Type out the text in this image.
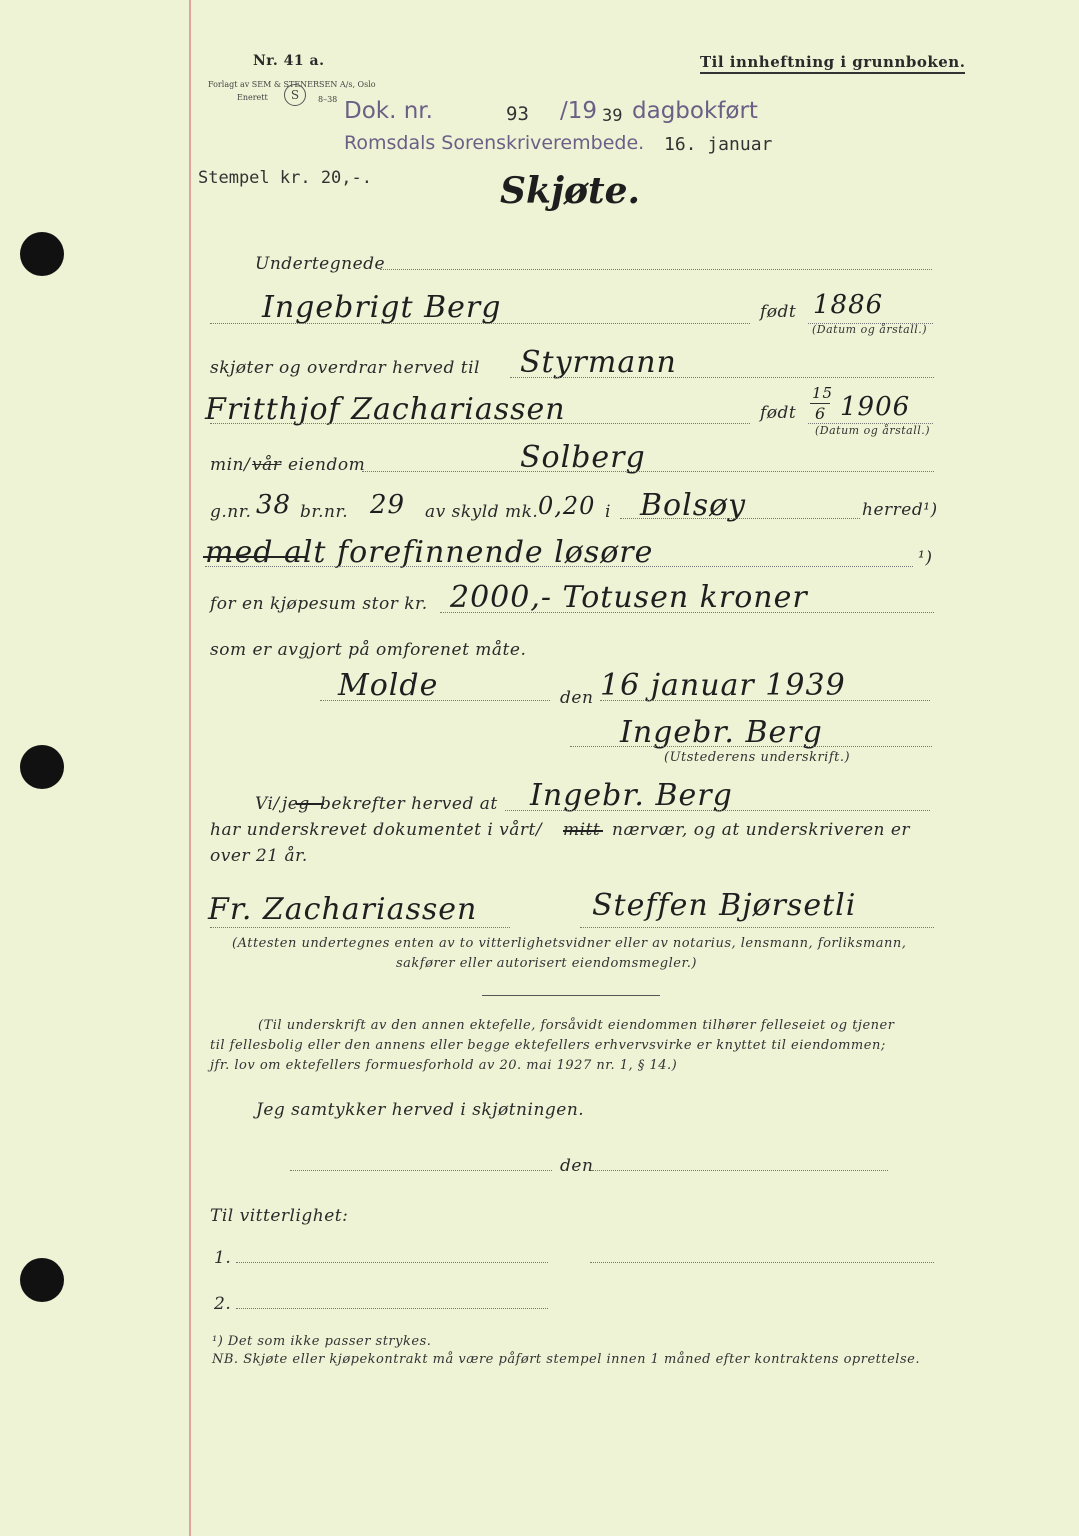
Nr. 41 a.
Forlagt av SEM & STENERSEN A/s, Oslo
Enerett	S	8–38
Til innheftning i grunnboken.
Dok. nr.	93 /19 39 dagbokført
Romsdals Sorenskriverembede. 16. januar
Stempel kr. 20,-.	Skjøte.
Undertegnede
Ingebrigt Berg	født 1886
(Datum og årstall.)
skjøter og overdrar herved til Styrmann
Fritthjof Zachariassen	født
15
6 1906
(Datum og årstall.)
min/ vår eiendom	Solberg
g.nr. 38 br.nr. 29 av skyld mk. 0,20 i Bolsøy	herred¹)
med alt forefinnende løsøre	¹)
for en kjøpesum stor kr. 2000,- Totusen kroner
som er avgjort på omforenet måte.
Molde	den 16 januar 1939
Ingebr. Berg
(Utstederens underskrift.)
Vi/ jeg bekrefter herved at Ingebr. Berg
har underskrevet dokumentet i vårt/ mitt nærvær, og at underskriveren er
over 21 år.
Fr. Zachariassen	Steffen Bjørsetli
(Attesten undertegnes enten av to vitterlighetsvidner eller av notarius, lensmann, forliksmann,
sakfører eller autorisert eiendomsmegler.)
(Til underskrift av den annen ektefelle, forsåvidt eiendommen tilhører felleseiet og tjener
til fellesbolig eller den annens eller begge ektefellers erhvervsvirke er knyttet til eiendommen;
jfr. lov om ektefellers formuesforhold av 20. mai 1927 nr. 1, § 14.)
Jeg samtykker herved i skjøtningen.
den
Til vitterlighet:
1.
2.
¹) Det som ikke passer strykes.
NB. Skjøte eller kjøpekontrakt må være påført stempel innen 1 måned efter kontraktens oprettelse.
